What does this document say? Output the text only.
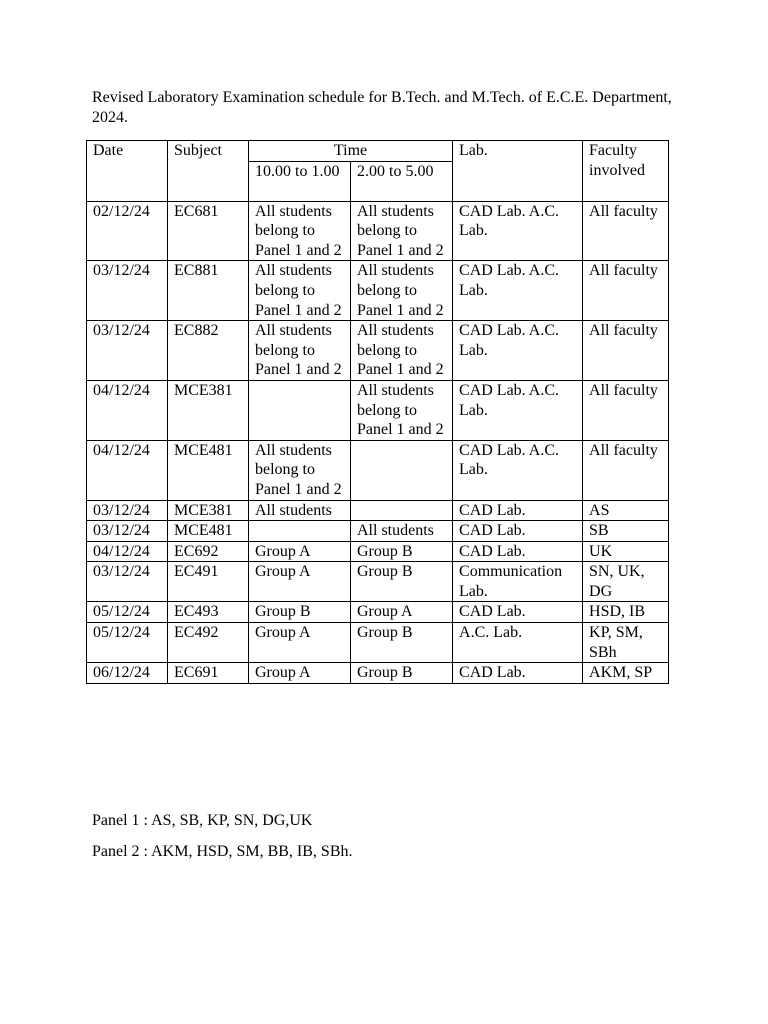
Revised Laboratory Examination schedule for B.Tech. and M.Tech. of E.C.E. Department, 2024.

Date	Subject	Time		Lab.	Faculty involved
		10.00 to 1.00	2.00 to 5.00		
02/12/24	EC681	All students belong to Panel 1 and 2	All students belong to Panel 1 and 2	CAD Lab. A.C. Lab.	All faculty
03/12/24	EC881	All students belong to Panel 1 and 2	All students belong to Panel 1 and 2	CAD Lab. A.C. Lab.	All faculty
03/12/24	EC882	All students belong to Panel 1 and 2	All students belong to Panel 1 and 2	CAD Lab. A.C. Lab.	All faculty
04/12/24	MCE381		All students belong to Panel 1 and 2	CAD Lab. A.C. Lab.	All faculty
04/12/24	MCE481	All students belong to Panel 1 and 2		CAD Lab. A.C. Lab.	All faculty
03/12/24	MCE381	All students		CAD Lab.	AS
03/12/24	MCE481		All students	CAD Lab.	SB
04/12/24	EC692	Group A	Group B	CAD Lab.	UK
03/12/24	EC491	Group A	Group B	Communication Lab.	SN, UK, DG
05/12/24	EC493	Group B	Group A	CAD Lab.	HSD, IB
05/12/24	EC492	Group A	Group B	A.C. Lab.	KP, SM, SBh
06/12/24	EC691	Group A	Group B	CAD Lab.	AKM, SP

Panel 1 : AS, SB, KP, SN, DG,UK

Panel 2 : AKM, HSD, SM, BB, IB, SBh.
